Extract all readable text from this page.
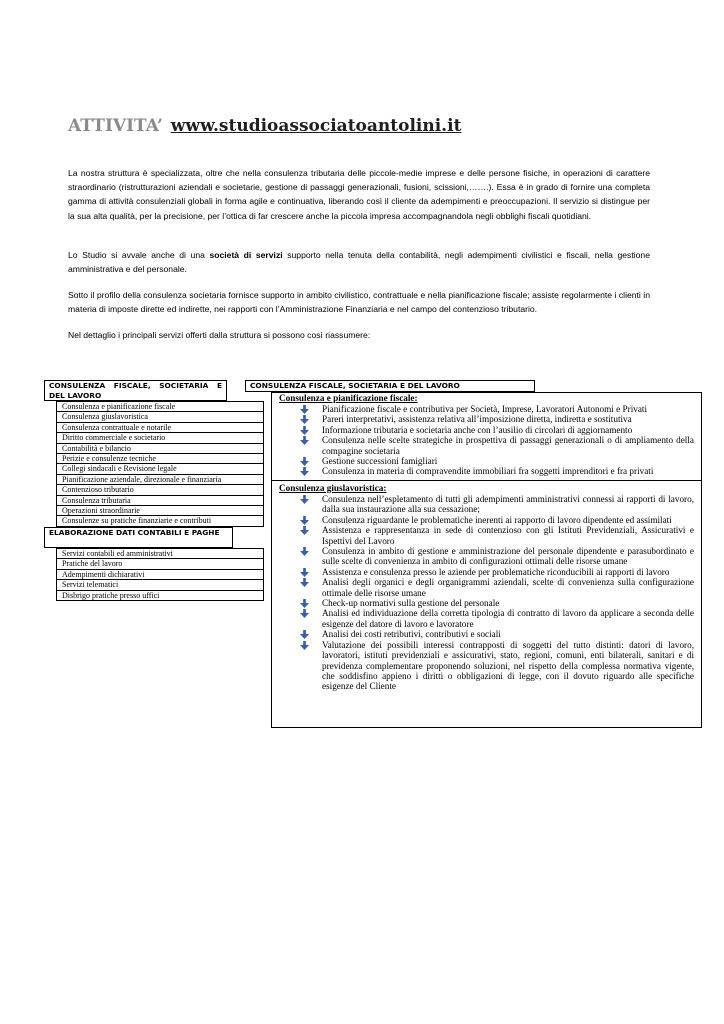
ATTIVITA’ www.studioassociatoantolini.it
La nostra struttura è specializzata, oltre che nella consulenza tributaria delle piccole-medie imprese e delle persone fisiche, in operazioni di carattere straordinario (ristrutturazioni aziendali e societarie, gestione di passaggi generazionali, fusioni, scissioni,…….). Essa è in grado di fornire una completa gamma di attività consulenziali globali in forma agile e continuativa, liberando così il cliente da adempimenti e preoccupazioni. Il servizio si distingue per la sua alta qualità, per la precisione, per l’ottica di far crescere anche la piccola impresa accompagnandola negli obblighi fiscali quotidiani.
Lo Studio si avvale anche di una società di servizi supporto nella tenuta della contabilità, negli adempimenti civilistici e fiscali, nella gestione amministrativa e del personale.
Sotto il profilo della consulenza societaria fornisce supporto in ambito civilistico, contrattuale e nella pianificazione fiscale; assiste regolarmente i clienti in materia di imposte dirette ed indirette, nei rapporti con l’Amministrazione Finanziaria e nel campo del contenzioso tributario.
Nel dettaglio i principali servizi offerti dalla struttura si possono così riassumere:
CONSULENZA FISCALE, SOCIETARIA E DEL LAVORO
Consulenza e pianificazione fiscale
Consulenza giuslavoristica
Consulenza contrattuale e notarile
Diritto commerciale e societario
Contabilità e bilancio
Perizie e consulenze tecniche
Collegi sindacali e Revisione legale
Pianificazione aziendale, direzionale e finanziaria
Contenzioso tributario
Consulenza tributaria
Operazioni straordinarie
Consulenze su pratiche finanziarie e contributi
ELABORAZIONE DATI CONTABILI E PAGHE
Servizi contabili ed amministrativi
Pratiche del lavoro
Adempimenti dichiarativi
Servizi telematici
Disbrigo pratiche presso uffici
CONSULENZA FISCALE, SOCIETARIA E DEL LAVORO
Consulenza e pianificazione fiscale:
Pianificazione fiscale e contributiva per Società, Imprese, Lavoratori Autonomi e Privati
Pareri interpretativi, assistenza relativa all’imposizione diretta, indiretta e sostitutiva
Informazione tributaria e societaria anche con l’ausilio di circolari di aggiornamento
Consulenza nelle scelte strategiche in prospettiva di passaggi generazionali o di ampliamento della compagine societaria
Gestione successioni famigliari
Consulenza in materia di compravendite immobiliari fra soggetti imprenditori e fra privati
Consulenza giuslavoristica:
Consulenza nell’espletamento di tutti gli adempimenti amministrativi connessi ai rapporti di lavoro, dalla sua instaurazione alla sua cessazione;
Consulenza riguardante le problematiche inerenti ai rapporto di lavoro dipendente ed assimilati
Assistenza e rappresentanza in sede di contenzioso con gli Istituti Previdenziali, Assicurativi e Ispettivi del Lavoro
Consulenza in ambito di gestione e amministrazione del personale dipendente e parasubordinato e sulle scelte di convenienza in ambito di configurazioni ottimali delle risorse umane
Assistenza e consulenza presso le aziende per problematiche riconducibili ai rapporti di lavoro
Analisi degli organici e degli organigrammi aziendali, scelte di convenienza sulla configurazione ottimale delle risorse umane
Check-up normativi sulla gestione del personale
Analisi ed individuazione della corretta tipologia di contratto di lavoro da applicare a seconda delle esigenze del datore di lavoro e lavoratore
Analisi dei costi retributivi, contributivi e sociali
Valutazione dei possibili interessi contrapposti di soggetti del tutto distinti: datori di lavoro, lavoratori, istituti previdenziali e assicurativi, stato, regioni, comuni, enti bilaterali, sanitari e di previdenza complementare proponendo soluzioni, nel rispetto della complessa normativa vigente, che soddisfino appieno i diritti o obbligazioni di legge, con il dovuto riguardo alle specifiche esigenze del Cliente
